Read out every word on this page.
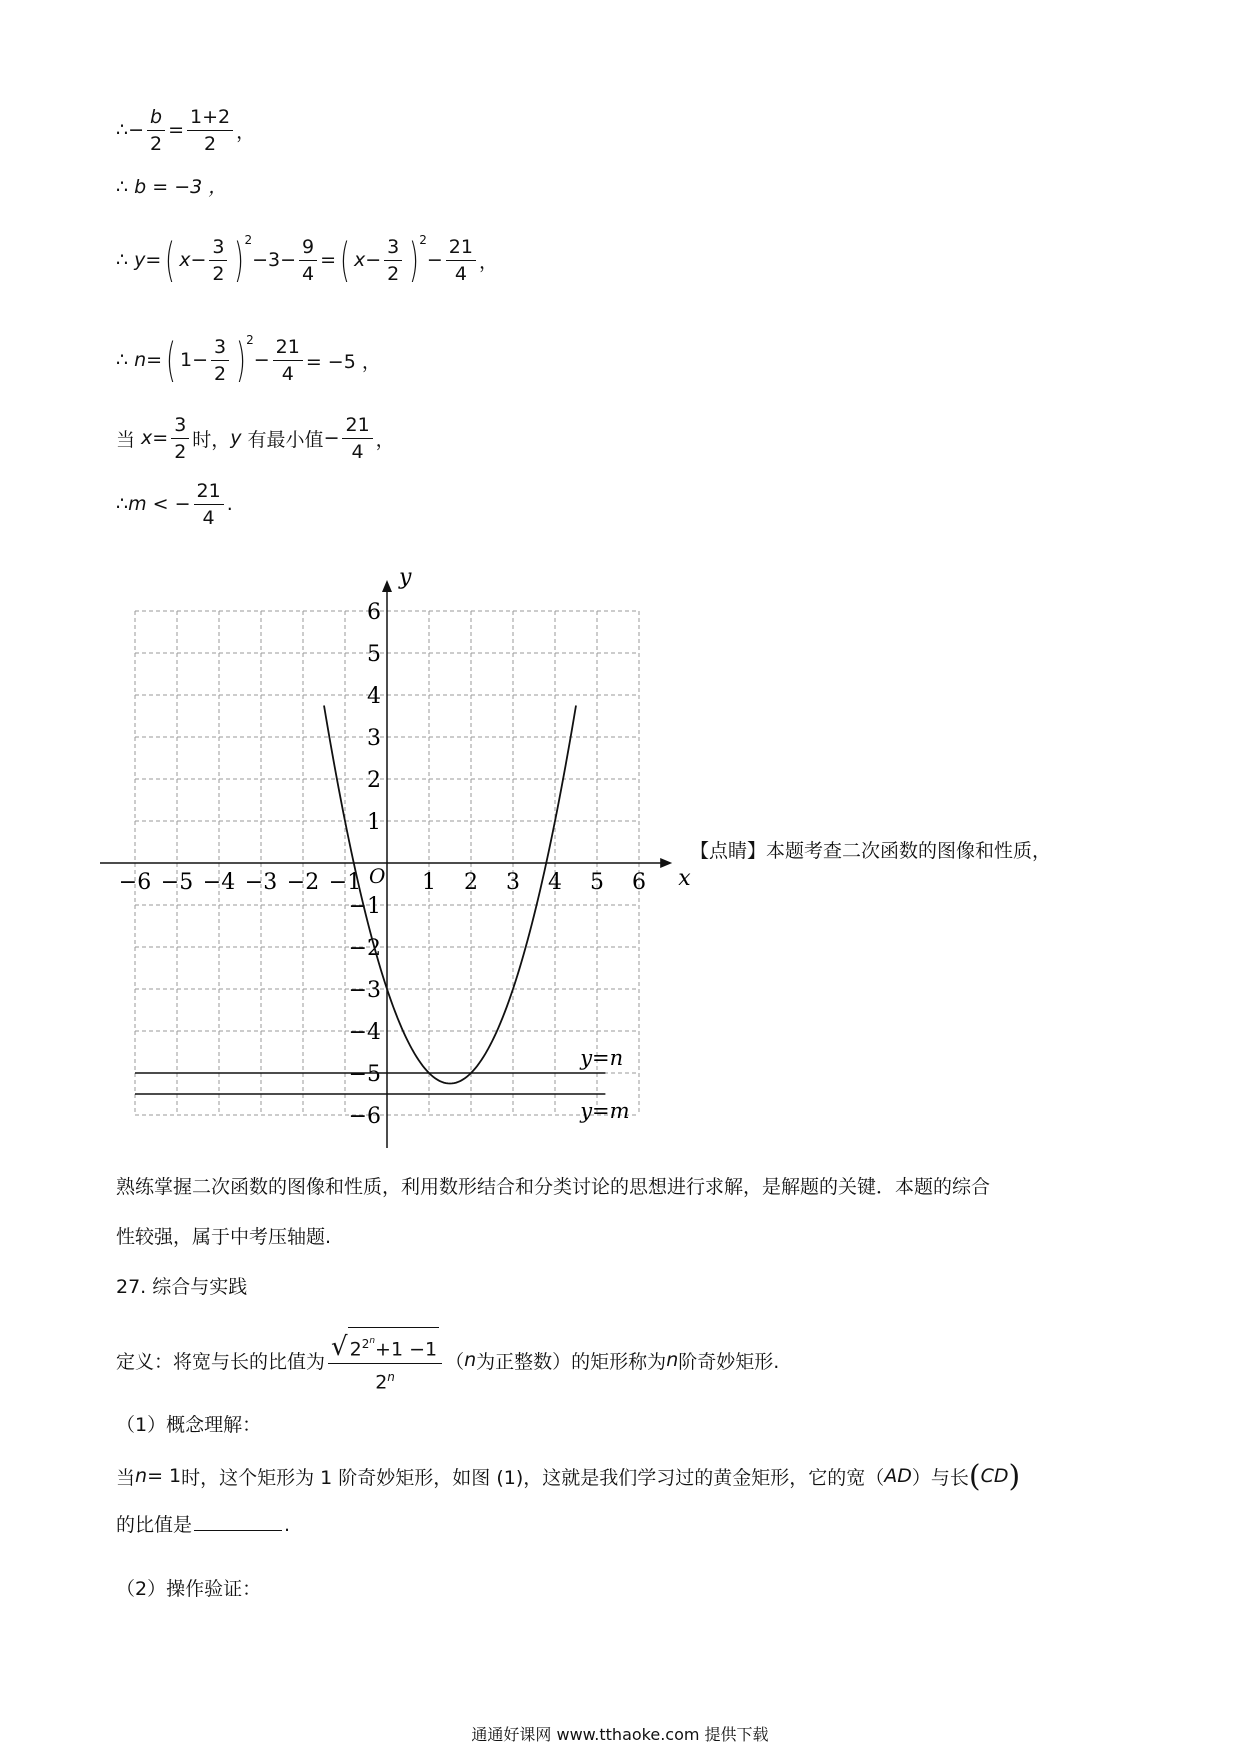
∴ − $\frac{b}{2} = \frac{1+2}{2}$ ，
∴ b = −3 ，
∴ y = ( $x - \frac{3}{2}$ ) 2
$-3- \frac{9}{4}$ = ( $x - \frac{3}{2}$ ) 2
− $\frac{21}{4}$ ，
∴ n = ( $1 - \frac{3}{2}$ ) 2
− $\frac{21}{4} = -5$ ，
当 $x = \frac{3}{2}$ 时， y 有最小值 − $\frac{21}{4}$ ，
∴ m < − $\frac{21}{4}$ .
x
y
O
−6 −5 −4 −3 −2 −1	1 2 3 4 5 6
6
5
4
3
2
1
−1
−2
−3
−4
−5
−6
y=n
y=m
【点睛】本题考查二次函数的图像和性质，
熟练掌握二次函数的图像和性质，利用数形结合和分类讨论的思想进行求解，是解题的关键．本题的综合
性较强，属于中考压轴题.
27. 综合与实践
定义：将宽与长的比值为 $\frac{√ 2^{2^n}+1 -1}{2^n}$ （ n 为正整数）的矩形称为 n 阶奇妙矩形.
（1）概念理解：
当 n = 1 时，这个矩形为 1 阶奇妙矩形，如图 (1)，这就是我们学习过的黄金矩形，它的宽（ AD ）与长 ( CD )
的比值是	.
（2）操作验证：
通通好课网 www.tthaoke.com 提供下载
